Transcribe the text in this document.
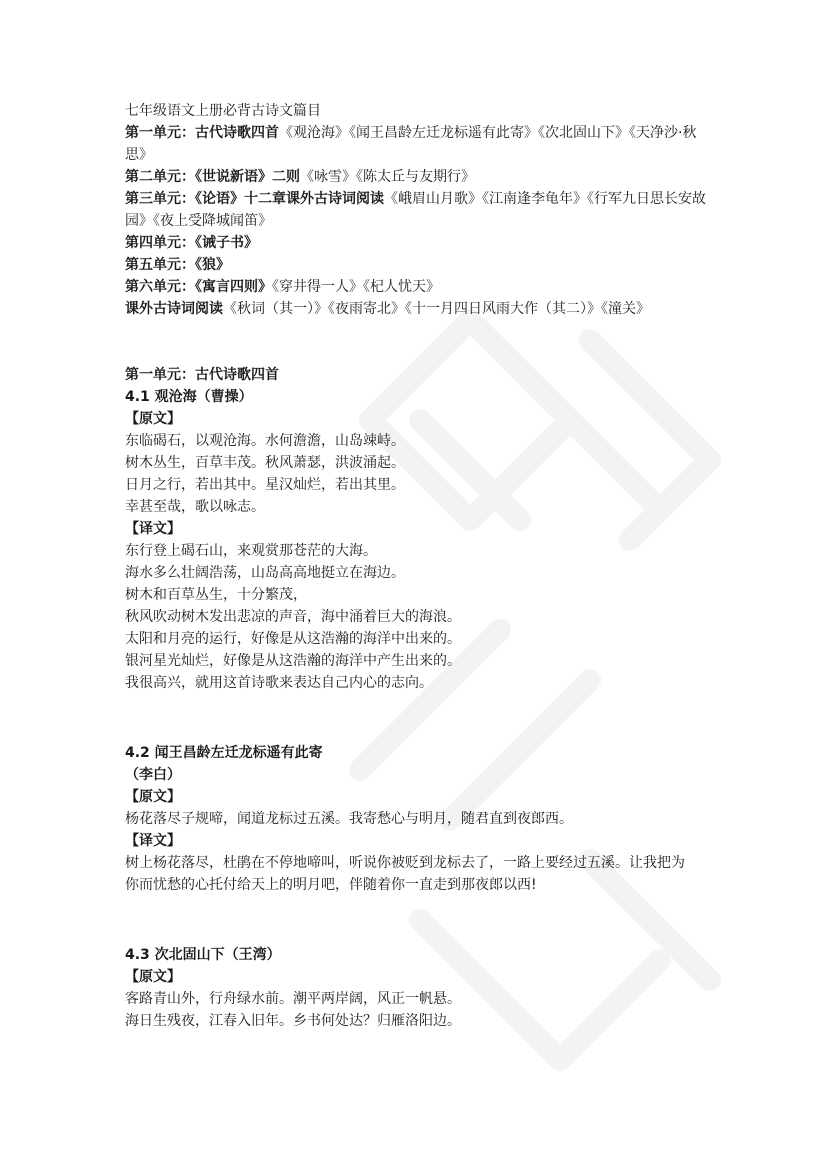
七年级语文上册必背古诗文篇目

第一单元：古代诗歌四首《观沧海》《闻王昌龄左迁龙标遥有此寄》《次北固山下》《天净沙·秋思》

第二单元：《世说新语》二则《咏雪》《陈太丘与友期行》

第三单元：《论语》十二章课外古诗词阅读《峨眉山月歌》《江南逢李龟年》《行军九日思长安故园》《夜上受降城闻笛》

第四单元：《诫子书》

第五单元：《狼》

第六单元：《寓言四则》《穿井得一人》《杞人忧天》

课外古诗词阅读《秋词（其一）》《夜雨寄北》《十一月四日风雨大作（其二）》《潼关》

第一单元：古代诗歌四首

4.1 观沧海（曹操）

【原文】

东临碣石，以观沧海。水何澹澹，山岛竦峙。

树木丛生，百草丰茂。秋风萧瑟，洪波涌起。

日月之行，若出其中。星汉灿烂，若出其里。

幸甚至哉，歌以咏志。

【译文】

东行登上碣石山，来观赏那苍茫的大海。

海水多么壮阔浩荡，山岛高高地挺立在海边。

树木和百草丛生，十分繁茂，

秋风吹动树木发出悲凉的声音，海中涌着巨大的海浪。

太阳和月亮的运行，好像是从这浩瀚的海洋中出来的。

银河星光灿烂，好像是从这浩瀚的海洋中产生出来的。

我很高兴，就用这首诗歌来表达自己内心的志向。

4.2 闻王昌龄左迁龙标遥有此寄

（李白）

【原文】

杨花落尽子规啼，闻道龙标过五溪。我寄愁心与明月，随君直到夜郎西。

【译文】

树上杨花落尽，杜鹃在不停地啼叫，听说你被贬到龙标去了，一路上要经过五溪。让我把为

你而忧愁的心托付给天上的明月吧，伴随着你一直走到那夜郎以西!

4.3 次北固山下（王湾）

【原文】

客路青山外，行舟绿水前。潮平两岸阔，风正一帆悬。

海日生残夜，江春入旧年。乡书何处达？归雁洛阳边。
